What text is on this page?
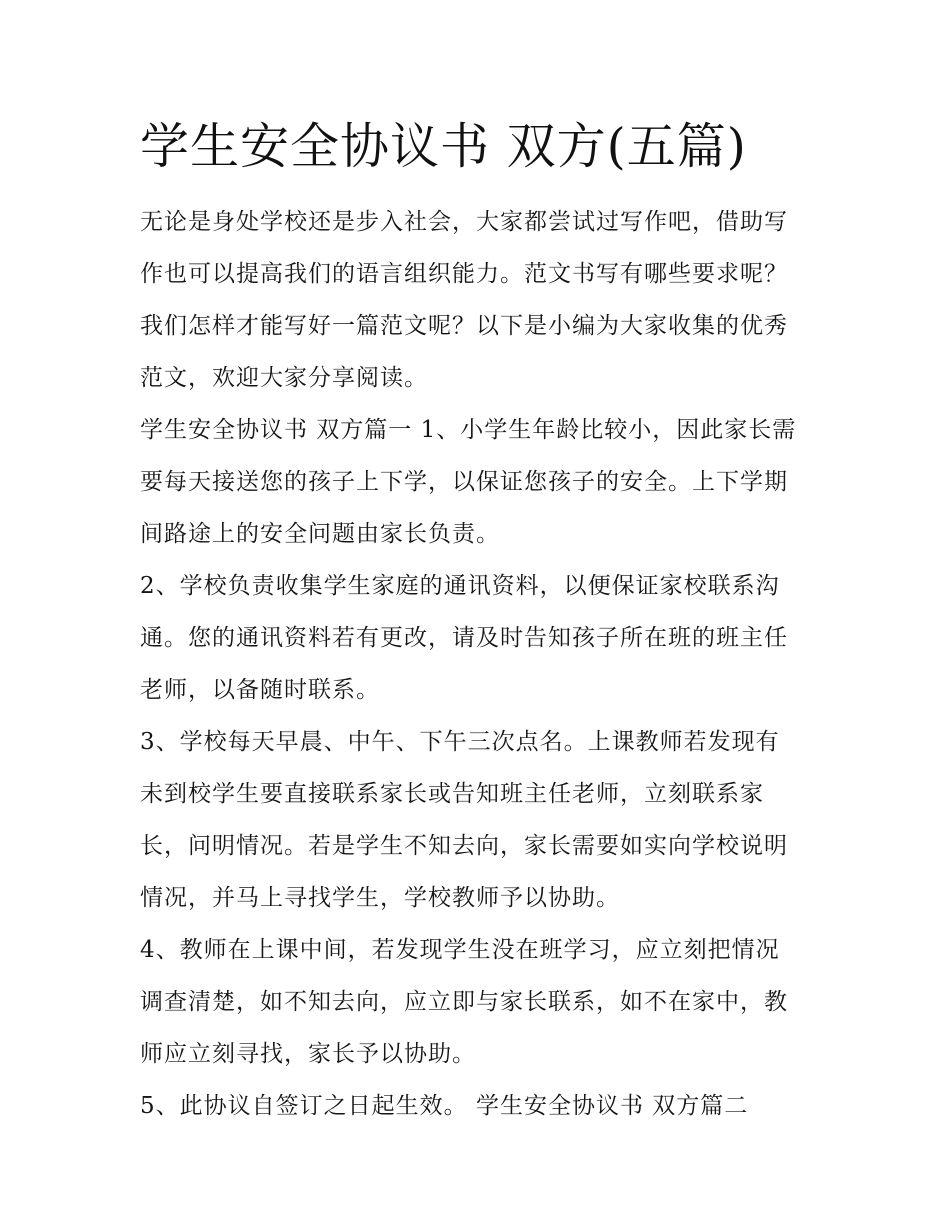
学生安全协议书 双方(五篇)

无论是身处学校还是步入社会，大家都尝试过写作吧，借助写
作也可以提高我们的语言组织能力。范文书写有哪些要求呢？
我们怎样才能写好一篇范文呢？以下是小编为大家收集的优秀
范文，欢迎大家分享阅读。

学生安全协议书 双方篇一 1、小学生年龄比较小，因此家长需
要每天接送您的孩子上下学，以保证您孩子的安全。上下学期
间路途上的安全问题由家长负责。

2、学校负责收集学生家庭的通讯资料，以便保证家校联系沟
通。您的通讯资料若有更改，请及时告知孩子所在班的班主任
老师，以备随时联系。

3、学校每天早晨、中午、下午三次点名。上课教师若发现有
未到校学生要直接联系家长或告知班主任老师，立刻联系家
长，问明情况。若是学生不知去向，家长需要如实向学校说明
情况，并马上寻找学生，学校教师予以协助。

4、教师在上课中间，若发现学生没在班学习，应立刻把情况
调查清楚，如不知去向，应立即与家长联系，如不在家中，教
师应立刻寻找，家长予以协助。

5、此协议自签订之日起生效。 学生安全协议书 双方篇二
